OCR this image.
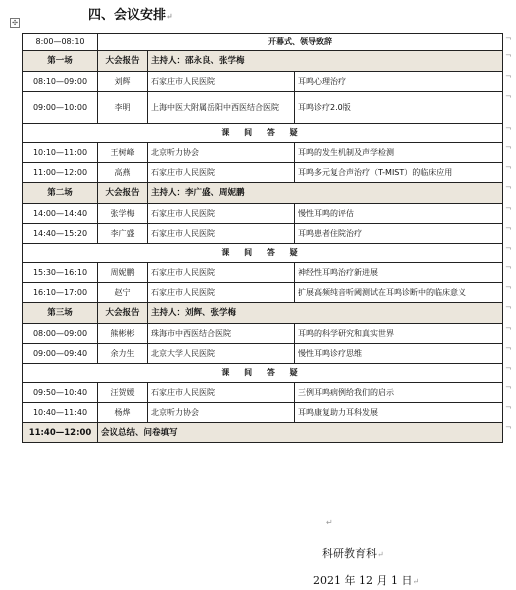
四、会议安排↵
✣
8:00—08:10	开幕式、领导致辞		
第一场	大会报告	主持人：邵永良、张学梅	
08:10—09:00	刘辉	石家庄市人民医院	耳鸣心理治疗
09:00—10:00	李明	上海中医大附属岳阳中西医结合医院	耳鸣诊疗2.0版
课 间 答 疑			
10:10—11:00	王树峰	北京听力协会	耳鸣的发生机制及声学检测
11:00—12:00	高燕	石家庄市人民医院	耳鸣多元复合声治疗（T-MIST）的临床应用
第二场	大会报告	主持人：李广盛、周妮鹏	
14:00—14:40	张学梅	石家庄市人民医院	慢性耳鸣的评估
14:40—15:20	李广盛	石家庄市人民医院	耳鸣患者住院治疗
课 间 答 疑			
15:30—16:10	周妮鹏	石家庄市人民医院	神经性耳鸣治疗新进展
16:10—17:00	赵宁	石家庄市人民医院	扩展高频纯音听阈测试在耳鸣诊断中的临床意义
第三场	大会报告	主持人：刘辉、张学梅	
08:00—09:00	熊彬彬	珠海市中西医结合医院	耳鸣的科学研究和真实世界
09:00—09:40	余力生	北京大学人民医院	慢性耳鸣诊疗思维
课 间 答 疑			
09:50—10:40	汪贺媛	石家庄市人民医院	三例耳鸣病例给我们的启示
10:40—11:40	杨烨	北京听力协会	耳鸣康复助力耳科发展
11:40—12:00	会议总结、问卷填写		
↵
科研教育科↵
2021 年 12 月 1 日↵
¬
¬
¬
¬
¬
¬
¬
¬
¬
¬
¬
¬
¬
¬
¬
¬
¬
¬
¬
¬
